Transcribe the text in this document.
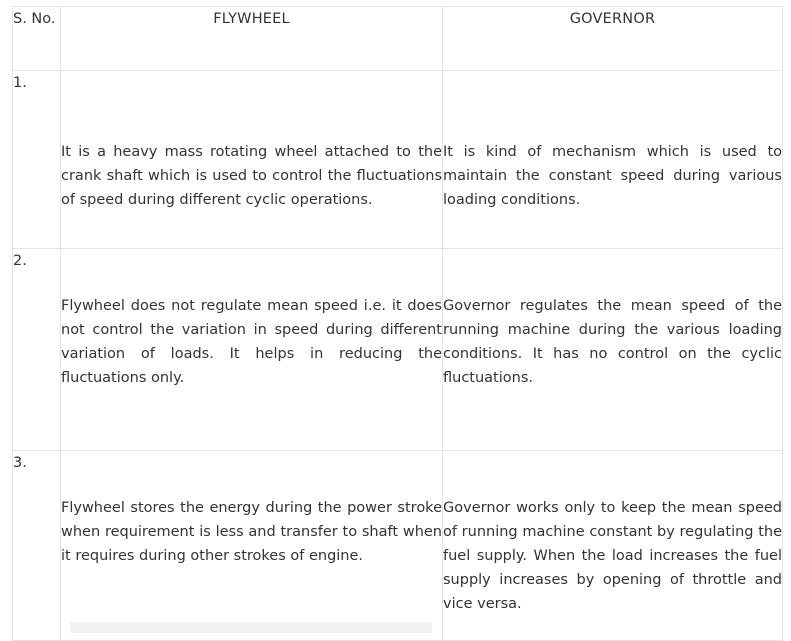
S. No.	FLYWHEEL	GOVERNOR
1.	It is a heavy mass rotating wheel attached to the crank shaft which is used to control the fluctuations of speed during different cyclic operations.	It is kind of mechanism which is used to maintain the constant speed during various loading conditions.
2.	Flywheel does not regulate mean speed i.e. it does not control the variation in speed during different variation of loads. It helps in reducing the fluctuations only.	Governor regulates the mean speed of the running machine during the various loading conditions. It has no control on the cyclic fluctuations.
3.	Flywheel stores the energy during the power stroke when requirement is less and transfer to shaft when it requires during other strokes of engine.	Governor works only to keep the mean speed of running machine constant by regulating the fuel supply. When the load increases the fuel supply increases by opening of throttle and vice versa.
